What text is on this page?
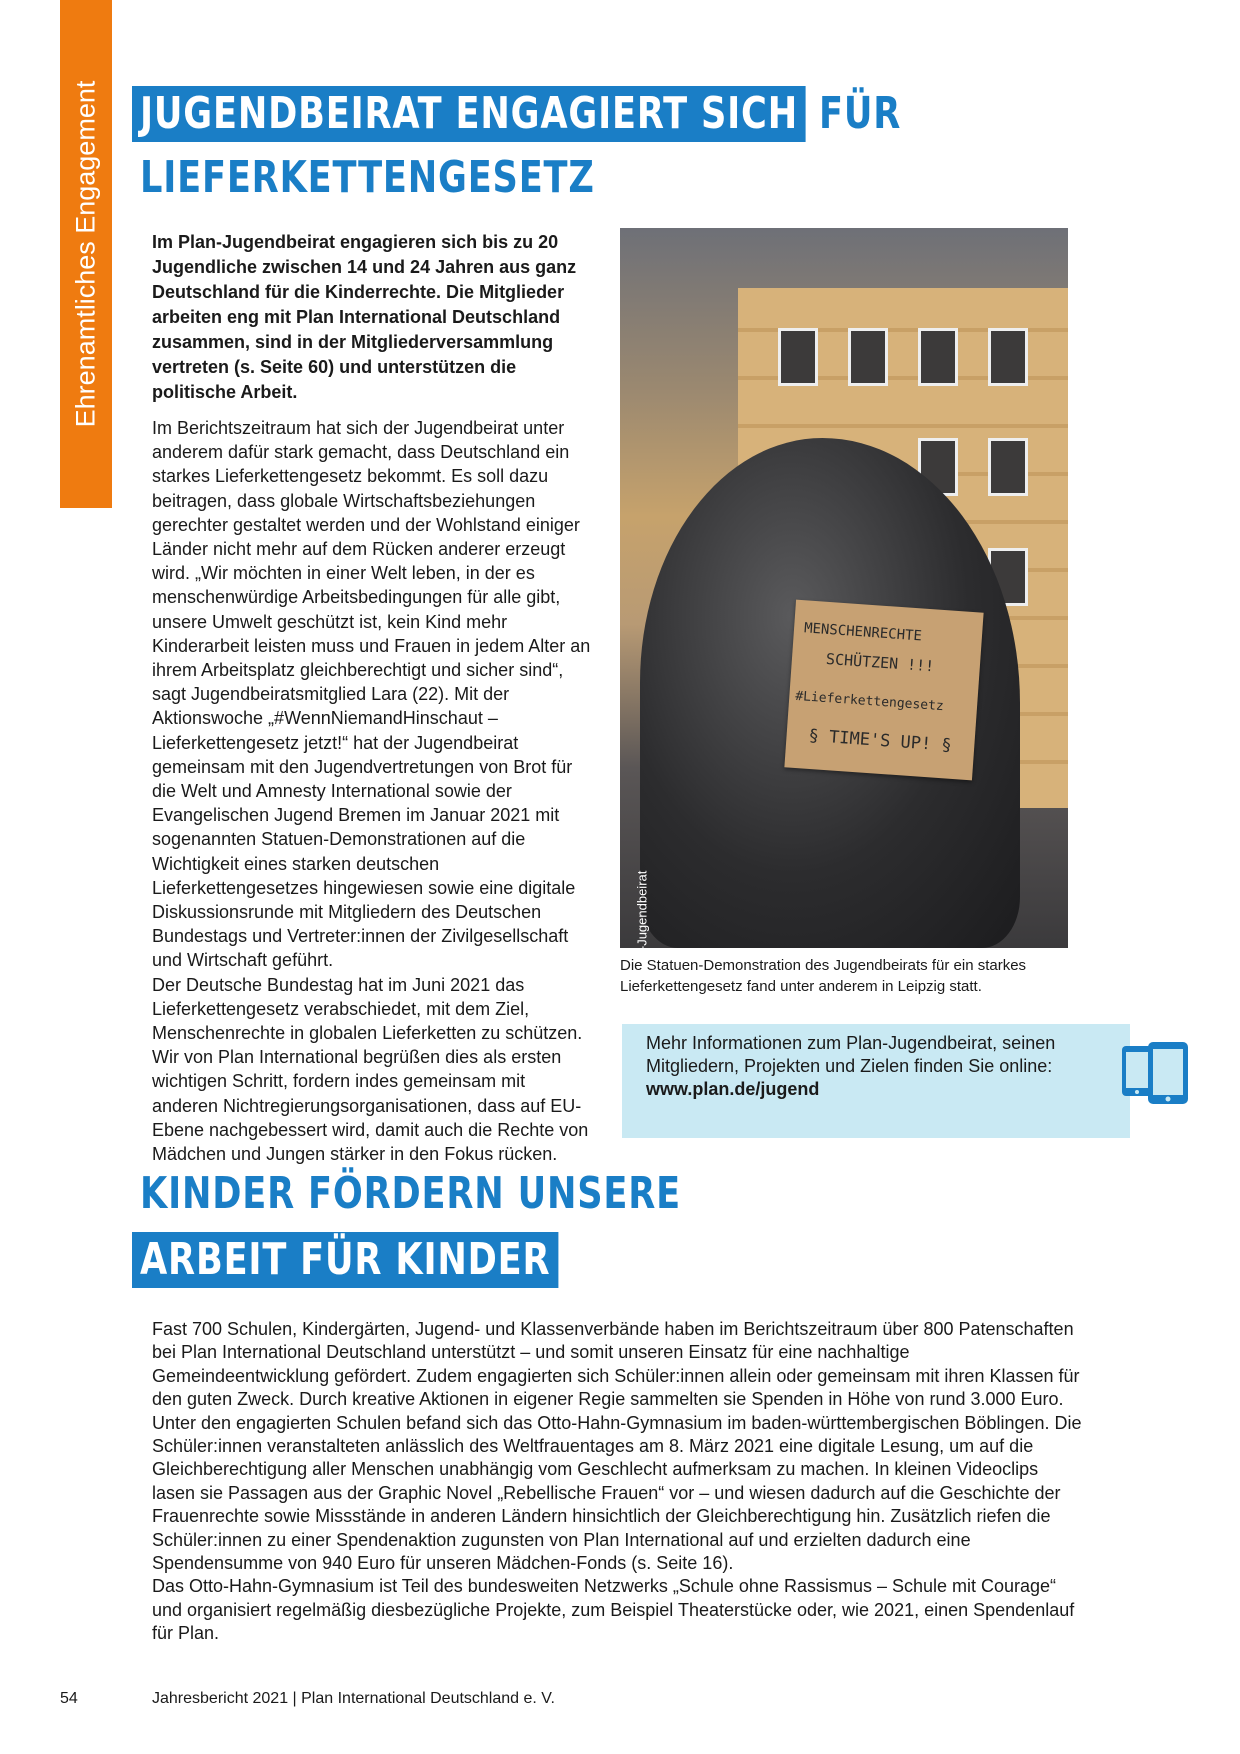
Ehrenamtliches Engagement JUGENDBEIRAT ENGAGIERT SICH FÜR
LIEFERKETTENGESETZ

Im Plan-Jugendbeirat engagieren sich bis zu 20 Jugendliche zwischen 14 und 24 Jahren aus ganz Deutschland für die Kinderrechte. Die Mitglieder arbeiten eng mit Plan International Deutschland zusammen, sind in der Mitgliederversammlung vertreten (s. Seite 60) und unterstützen die politische Arbeit.

Im Berichtszeitraum hat sich der Jugendbeirat unter anderem dafür stark gemacht, dass Deutschland ein starkes Lieferkettengesetz bekommt. Es soll dazu beitragen, dass globale Wirtschaftsbeziehungen gerechter gestaltet werden und der Wohlstand einiger Länder nicht mehr auf dem Rücken anderer erzeugt wird. „Wir möchten in einer Welt leben, in der es menschenwürdige Arbeitsbedingungen für alle gibt, unsere Umwelt geschützt ist, kein Kind mehr Kinderarbeit leisten muss und Frauen in jedem Alter an ihrem Arbeitsplatz gleichberechtigt und sicher sind“, sagt Jugendbeiratsmitglied Lara (22). Mit der Aktionswoche „#WennNiemandHinschaut – Lieferkettengesetz jetzt!“ hat der Jugendbeirat gemeinsam mit den Jugendvertretungen von Brot für die Welt und Amnesty International sowie der Evangelischen Jugend Bremen im Januar 2021 mit sogenannten Statuen-Demonstrationen auf die Wichtigkeit eines starken deutschen Lieferkettengesetzes hingewiesen sowie eine digitale Diskussionsrunde mit Mitgliedern des Deutschen Bundestags und Vertreter:innen der Zivilgesellschaft und Wirtschaft geführt.
Der Deutsche Bundestag hat im Juni 2021 das Lieferkettengesetz verabschiedet, mit dem Ziel, Menschenrechte in globalen Lieferketten zu schützen. Wir von Plan International begrüßen dies als ersten wichtigen Schritt, fordern indes gemeinsam mit anderen Nichtregierungsorganisationen, dass auf EU-Ebene nachgebessert wird, damit auch die Rechte von Mädchen und Jungen stärker in den Fokus rücken.

MENSCHENRECHTE
SCHÜTZEN !!!
#Lieferkettengesetz
§ TIME'S UP! §
Foto: Plan-Jugendbeirat

Die Statuen-Demonstration des Jugendbeirats für ein starkes Lieferkettengesetz fand unter anderem in Leipzig statt.

Mehr Informationen zum Plan-Jugendbeirat, seinen Mitgliedern, Projekten und Zielen finden Sie online:
www.plan.de/jugend

KINDER FÖRDERN UNSERE
ARBEIT FÜR KINDER

Fast 700 Schulen, Kindergärten, Jugend- und Klassenverbände haben im Berichtszeitraum über 800 Patenschaften bei Plan International Deutschland unterstützt – und somit unseren Einsatz für eine nachhaltige Gemeindeentwicklung gefördert. Zudem engagierten sich Schüler:innen allein oder gemeinsam mit ihren Klassen für den guten Zweck. Durch kreative Aktionen in eigener Regie sammelten sie Spenden in Höhe von rund 3.000 Euro.
Unter den engagierten Schulen befand sich das Otto-Hahn-Gymnasium im baden-württembergischen Böblingen. Die Schüler:innen veranstalteten anlässlich des Weltfrauentages am 8. März 2021 eine digitale Lesung, um auf die Gleichberechtigung aller Menschen unabhängig vom Geschlecht aufmerksam zu machen. In kleinen Videoclips lasen sie Passagen aus der Graphic Novel „Rebellische Frauen“ vor – und wiesen dadurch auf die Geschichte der Frauenrechte sowie Missstände in anderen Ländern hinsichtlich der Gleichberechtigung hin. Zusätzlich riefen die Schüler:innen zu einer Spendenaktion zugunsten von Plan International auf und erzielten dadurch eine Spendensumme von 940 Euro für unseren Mädchen-Fonds (s. Seite 16).
Das Otto-Hahn-Gymnasium ist Teil des bundesweiten Netzwerks „Schule ohne Rassismus – Schule mit Courage“ und organisiert regelmäßig diesbezügliche Projekte, zum Beispiel Theaterstücke oder, wie 2021, einen Spendenlauf für Plan.

54	Jahresbericht 2021 | Plan International Deutschland e. V.
